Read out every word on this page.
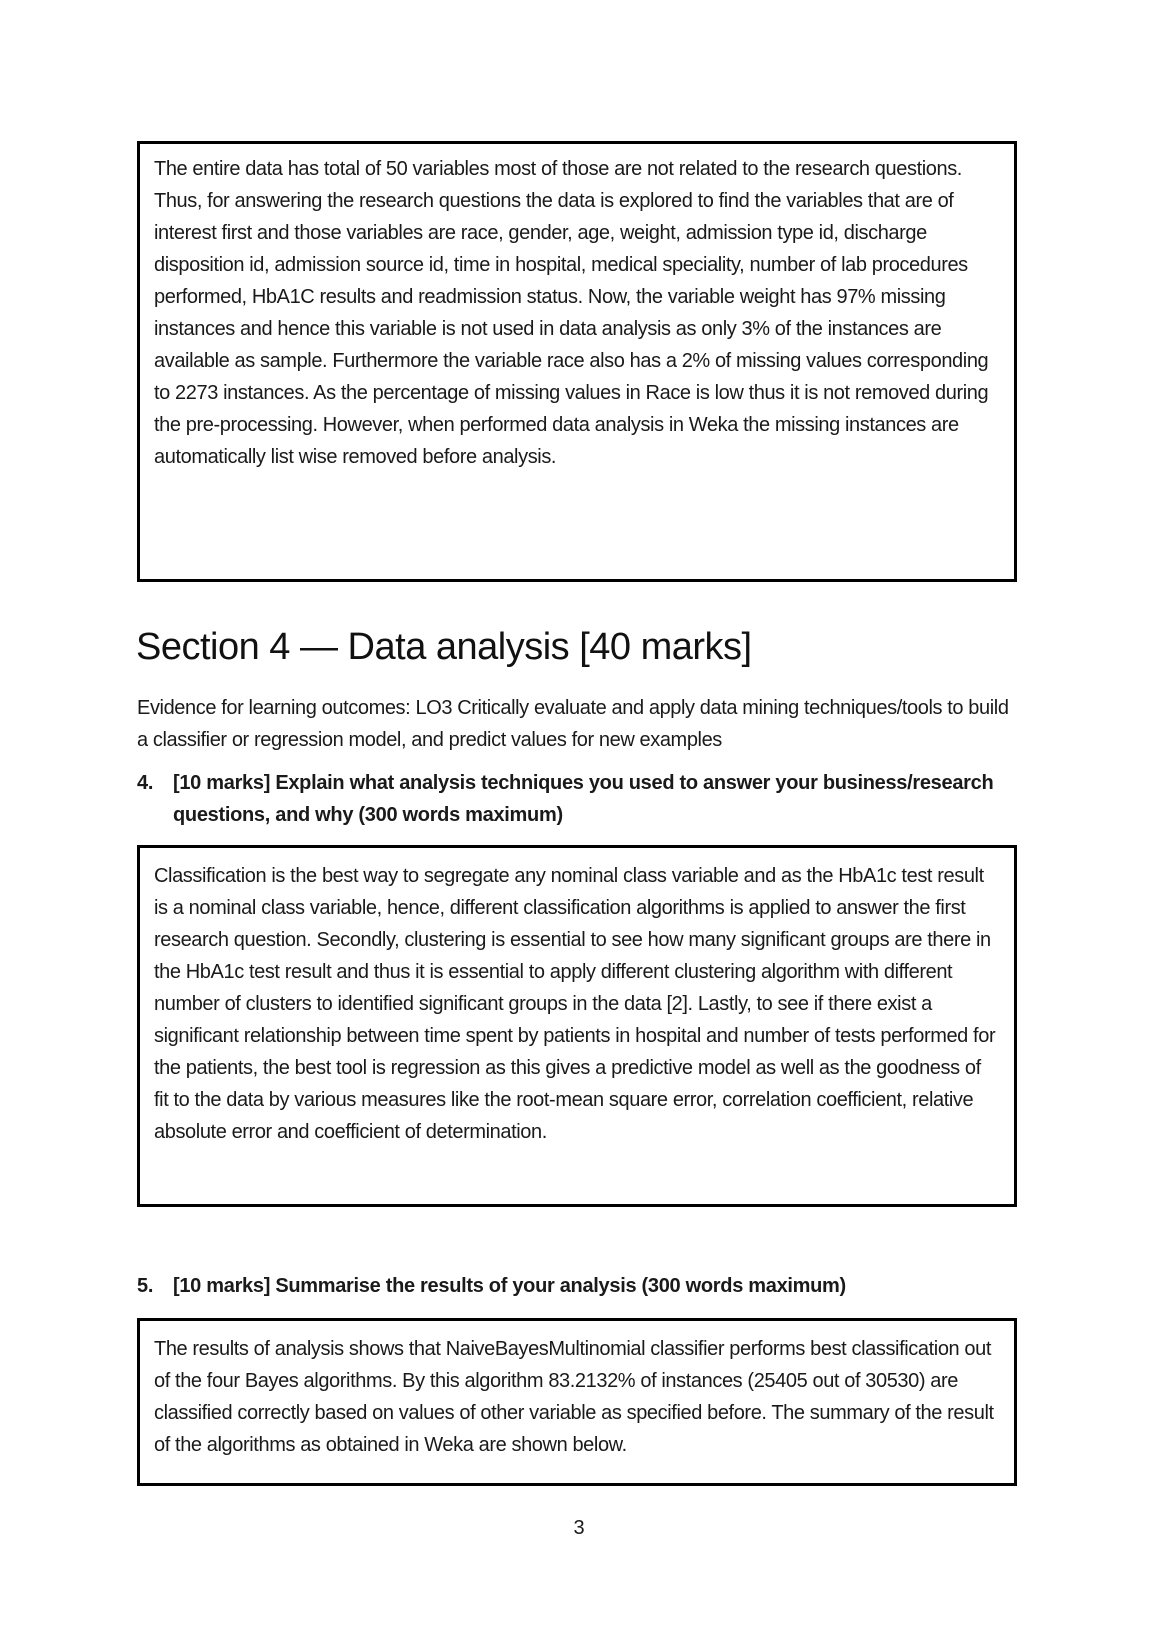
The entire data has total of 50 variables most of those are not related to the research questions. Thus, for answering the research questions the data is explored to find the variables that are of interest first and those variables are race, gender, age, weight, admission type id, discharge disposition id, admission source id, time in hospital, medical speciality, number of lab procedures performed, HbA1C results and readmission status. Now, the variable weight has 97% missing instances and hence this variable is not used in data analysis as only 3% of the instances are available as sample. Furthermore the variable race also has a 2% of missing values corresponding to 2273 instances. As the percentage of missing values in Race is low thus it is not removed during the pre-processing. However, when performed data analysis in Weka the missing instances are automatically list wise removed before analysis.

Section 4 — Data analysis [40 marks]

Evidence for learning outcomes: LO3 Critically evaluate and apply data mining techniques/tools to build a classifier or regression model, and predict values for new examples

4. [10 marks] Explain what analysis techniques you used to answer your business/research questions, and why (300 words maximum)

Classification is the best way to segregate any nominal class variable and as the HbA1c test result is a nominal class variable, hence, different classification algorithms is applied to answer the first research question. Secondly, clustering is essential to see how many significant groups are there in the HbA1c test result and thus it is essential to apply different clustering algorithm with different number of clusters to identified significant groups in the data [2]. Lastly, to see if there exist a significant relationship between time spent by patients in hospital and number of tests performed for the patients, the best tool is regression as this gives a predictive model as well as the goodness of fit to the data by various measures like the root-mean square error, correlation coefficient, relative absolute error and coefficient of determination.

5. [10 marks] Summarise the results of your analysis (300 words maximum)

The results of analysis shows that NaiveBayesMultinomial classifier performs best classification out of the four Bayes algorithms. By this algorithm 83.2132% of instances (25405 out of 30530) are classified correctly based on values of other variable as specified before. The summary of the result of the algorithms as obtained in Weka are shown below.

3
